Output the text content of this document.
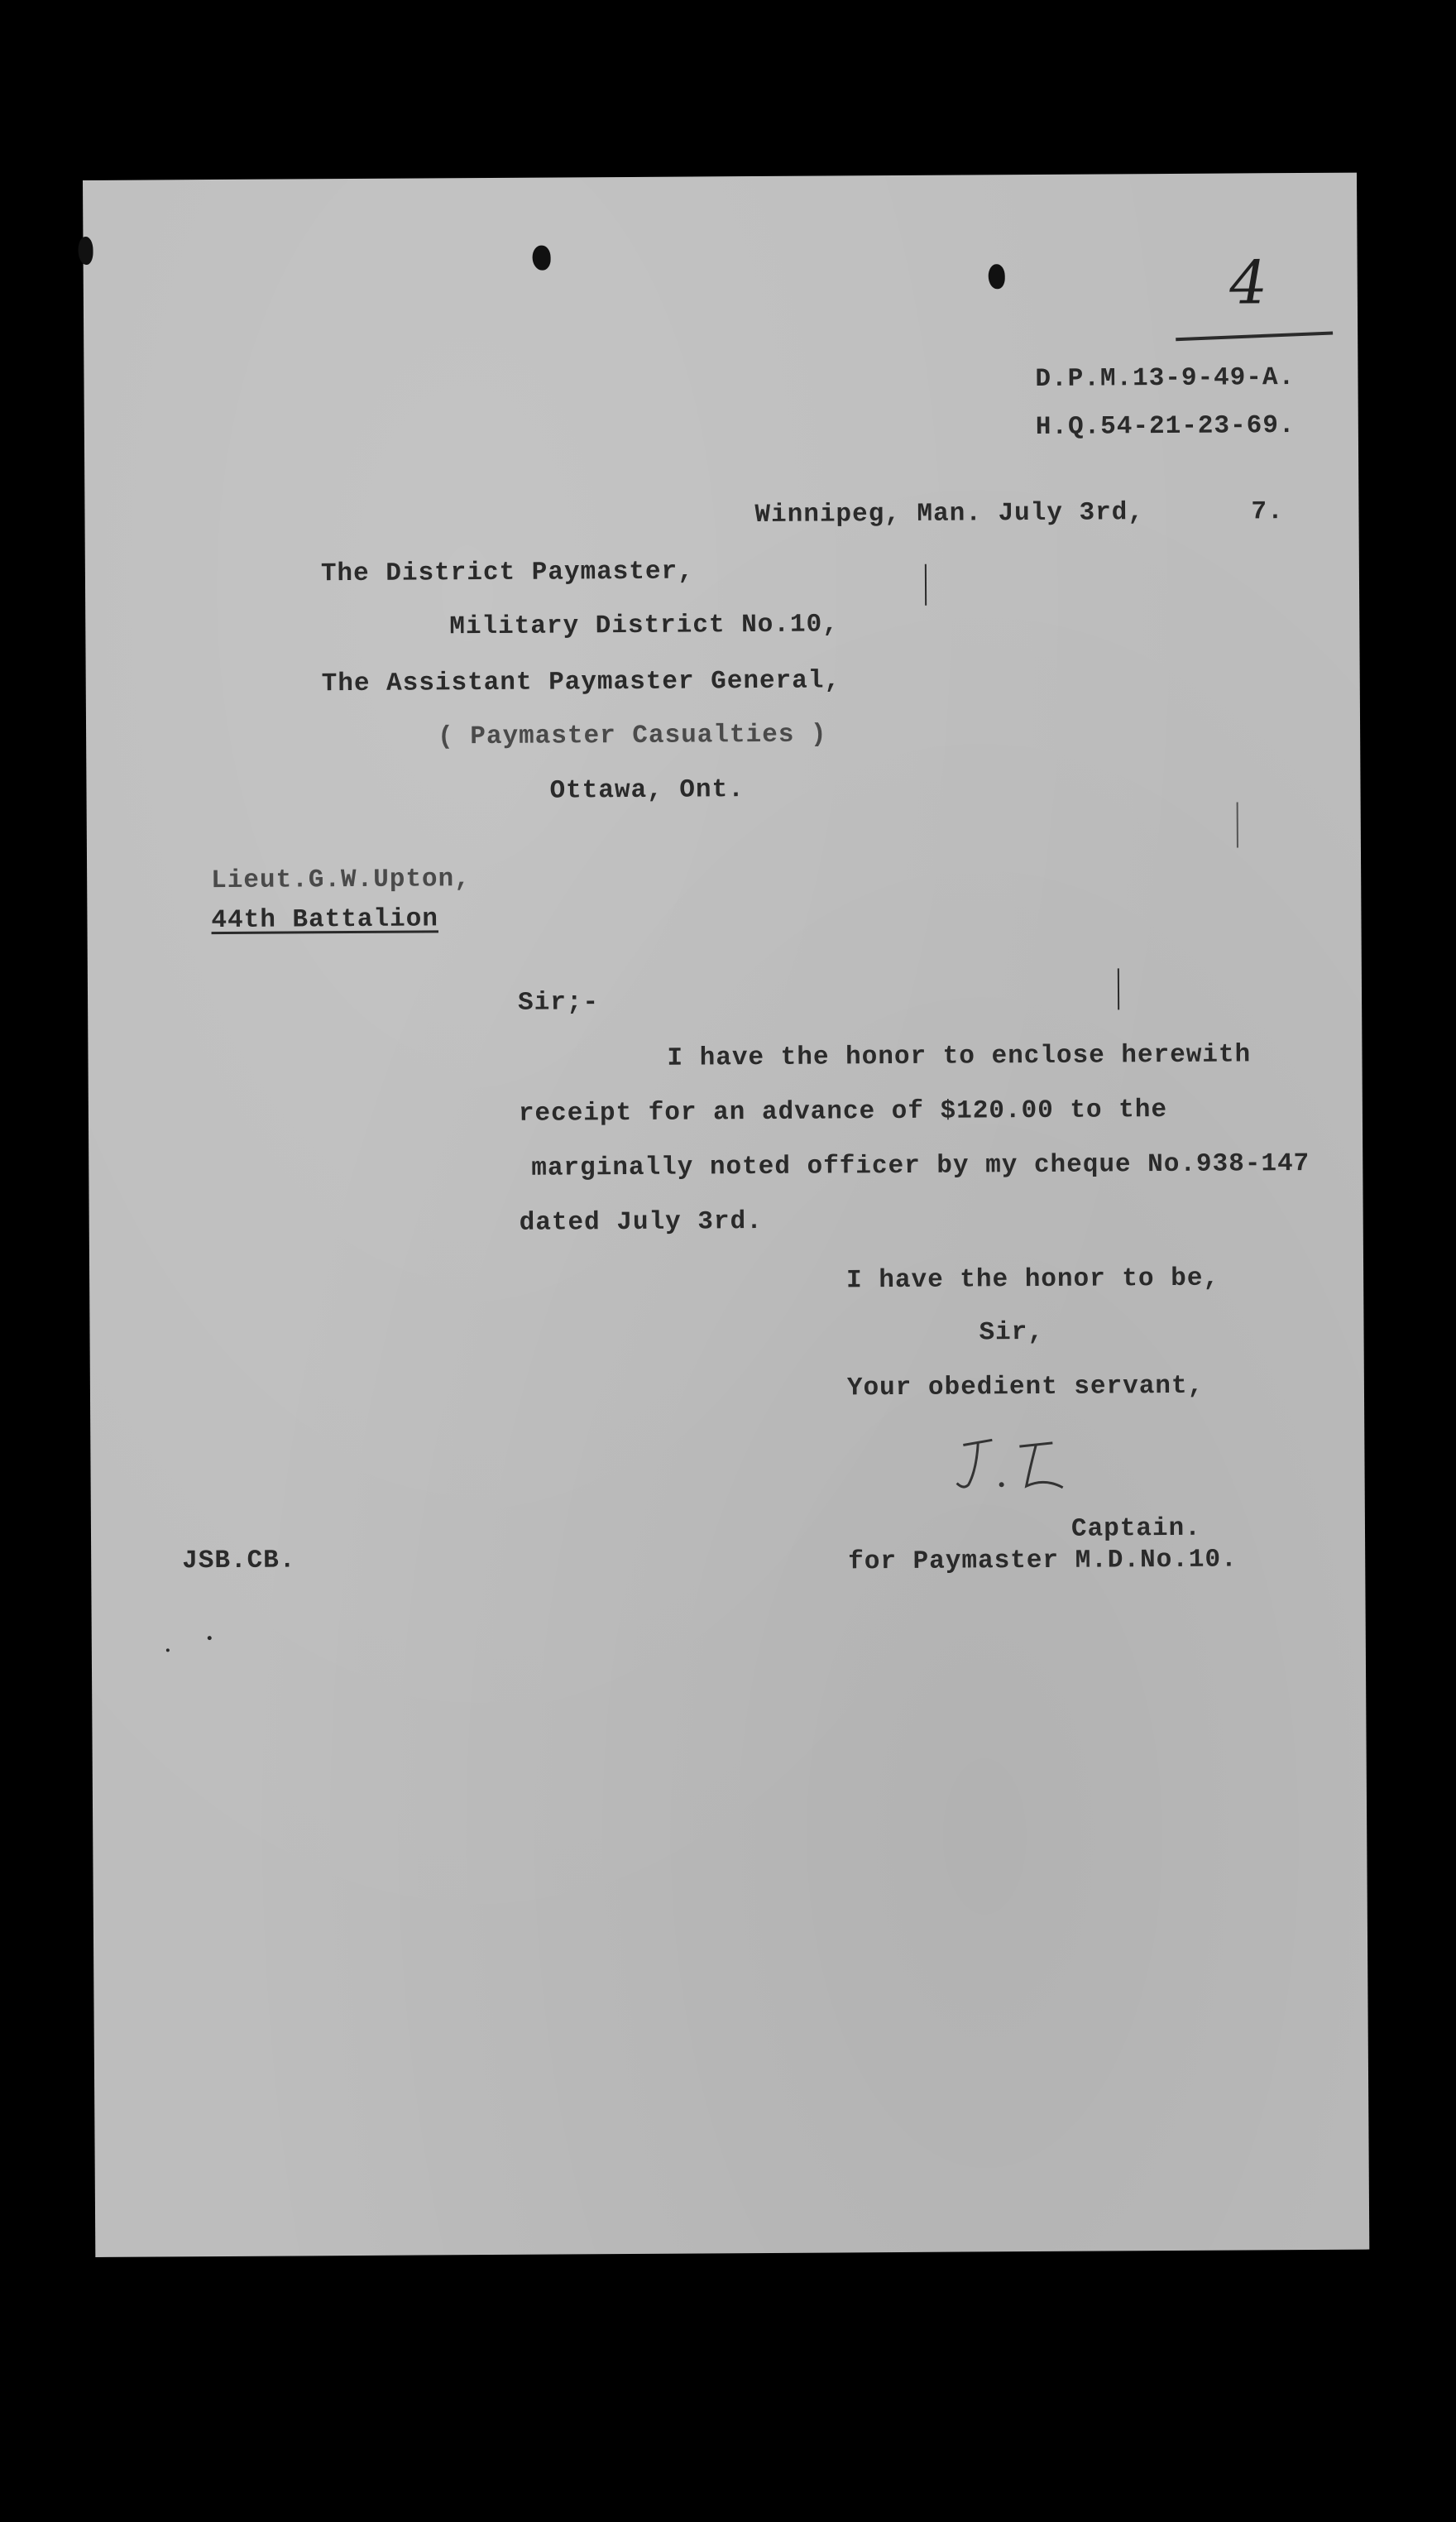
4
D.P.M.13-9-49-A.
H.Q.54-21-23-69.
Winnipeg, Man. July 3rd,	7.
The District Paymaster,
Military District No.10,
The Assistant Paymaster General,
( Paymaster Casualties )
Ottawa, Ont.
Lieut.G.W.Upton,
44th Battalion
Sir;-
I have the honor to enclose herewith
receipt for an advance of $120.00 to the
marginally noted officer by my cheque No.938-147
dated July 3rd.
I have the honor to be,
Sir,
Your obedient servant,
Captain.
for Paymaster M.D.No.10.
JSB.CB.
